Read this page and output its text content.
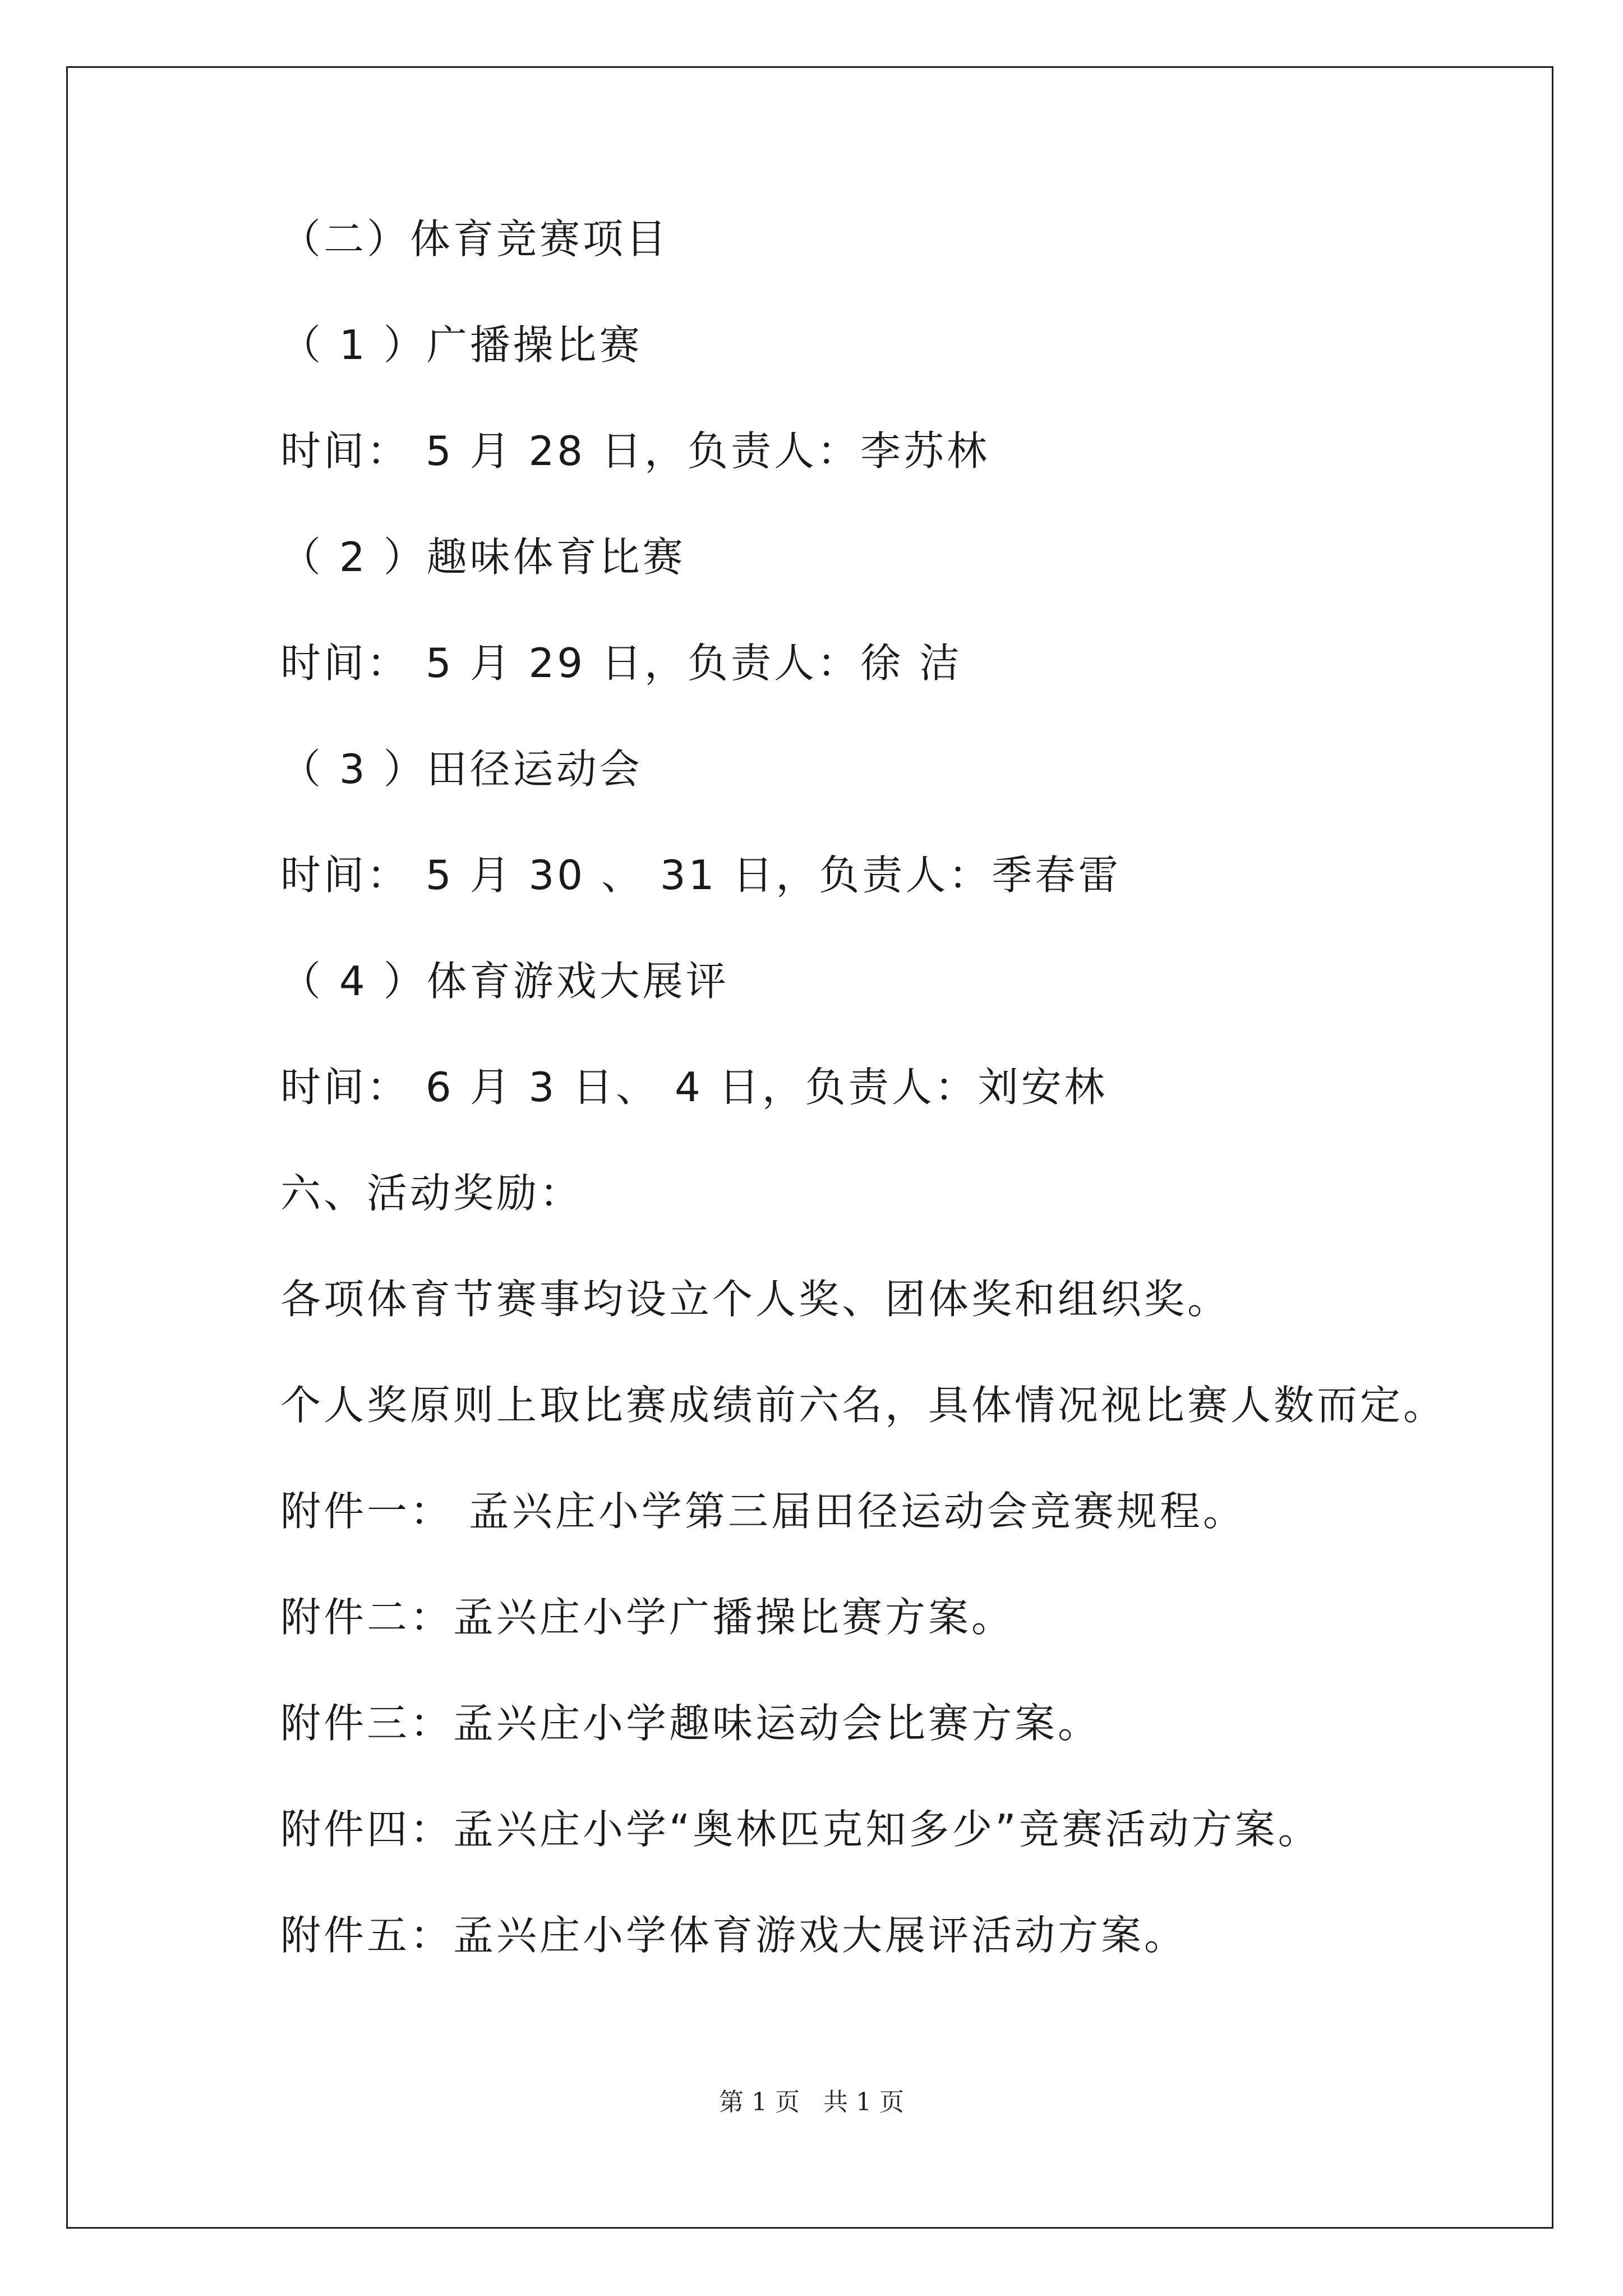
（二）体育竞赛项目
（ 1 ）广播操比赛
时间： 5 月 28 日，负责人：李苏林
（ 2 ）趣味体育比赛
时间： 5 月 29 日，负责人：徐 洁
（ 3 ）田径运动会
时间： 5 月 30 、 31 日，负责人：季春雷
（ 4 ）体育游戏大展评
时间： 6 月 3 日、 4 日，负责人：刘安林
六、活动奖励：
各项体育节赛事均设立个人奖、团体奖和组织奖。
个人奖原则上取比赛成绩前六名，具体情况视比赛人数而定。
附件一： 孟兴庄小学第三届田径运动会竞赛规程。
附件二：孟兴庄小学广播操比赛方案。
附件三：孟兴庄小学趣味运动会比赛方案。
附件四：孟兴庄小学“奥林匹克知多少”竞赛活动方案。
附件五：孟兴庄小学体育游戏大展评活动方案。
第 1 页 共 1 页
